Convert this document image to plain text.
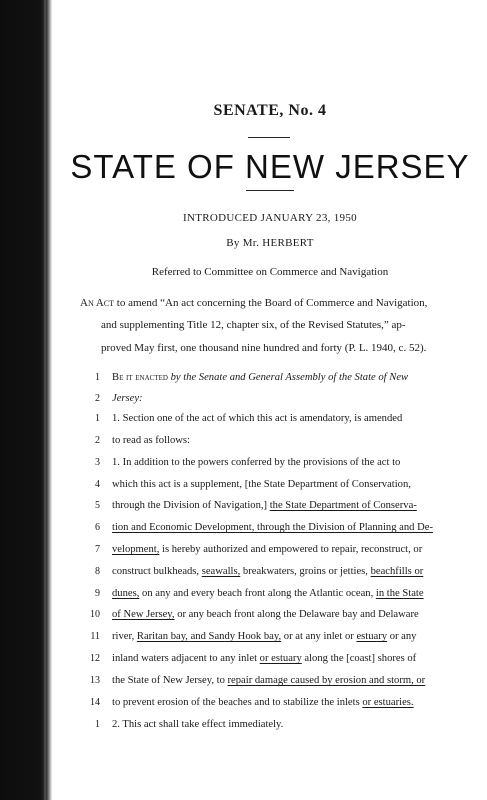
SENATE, No. 4
STATE OF NEW JERSEY
INTRODUCED JANUARY 23, 1950
By Mr. HERBERT
Referred to Committee on Commerce and Navigation
An Act to amend “An act concerning the Board of Commerce and Navigation,
and supplementing Title 12, chapter six, of the Revised Statutes,” ap-
proved May first, one thousand nine hundred and forty (P. L. 1940, c. 52).
1 Be it enacted by the Senate and General Assembly of the State of New
2 Jersey:
1 1. Section one of the act of which this act is amendatory, is amended
2 to read as follows:
3 1. In addition to the powers conferred by the provisions of the act to
4 which this act is a supplement, [the State Department of Conservation,
5 through the Division of Navigation,] the State Department of Conserva-
6 tion and Economic Development, through the Division of Planning and De-
7 velopment, is hereby authorized and empowered to repair, reconstruct, or
8 construct bulkheads, seawalls, breakwaters, groins or jetties, beachfills or
9 dunes, on any and every beach front along the Atlantic ocean, in the State
10 of New Jersey, or any beach front along the Delaware bay and Delaware
11 river, Raritan bay, and Sandy Hook bay, or at any inlet or estuary or any
12 inland waters adjacent to any inlet or estuary along the [coast] shores of
13 the State of New Jersey, to repair damage caused by erosion and storm, or
14 to prevent erosion of the beaches and to stabilize the inlets or estuaries.
1 2. This act shall take effect immediately.
